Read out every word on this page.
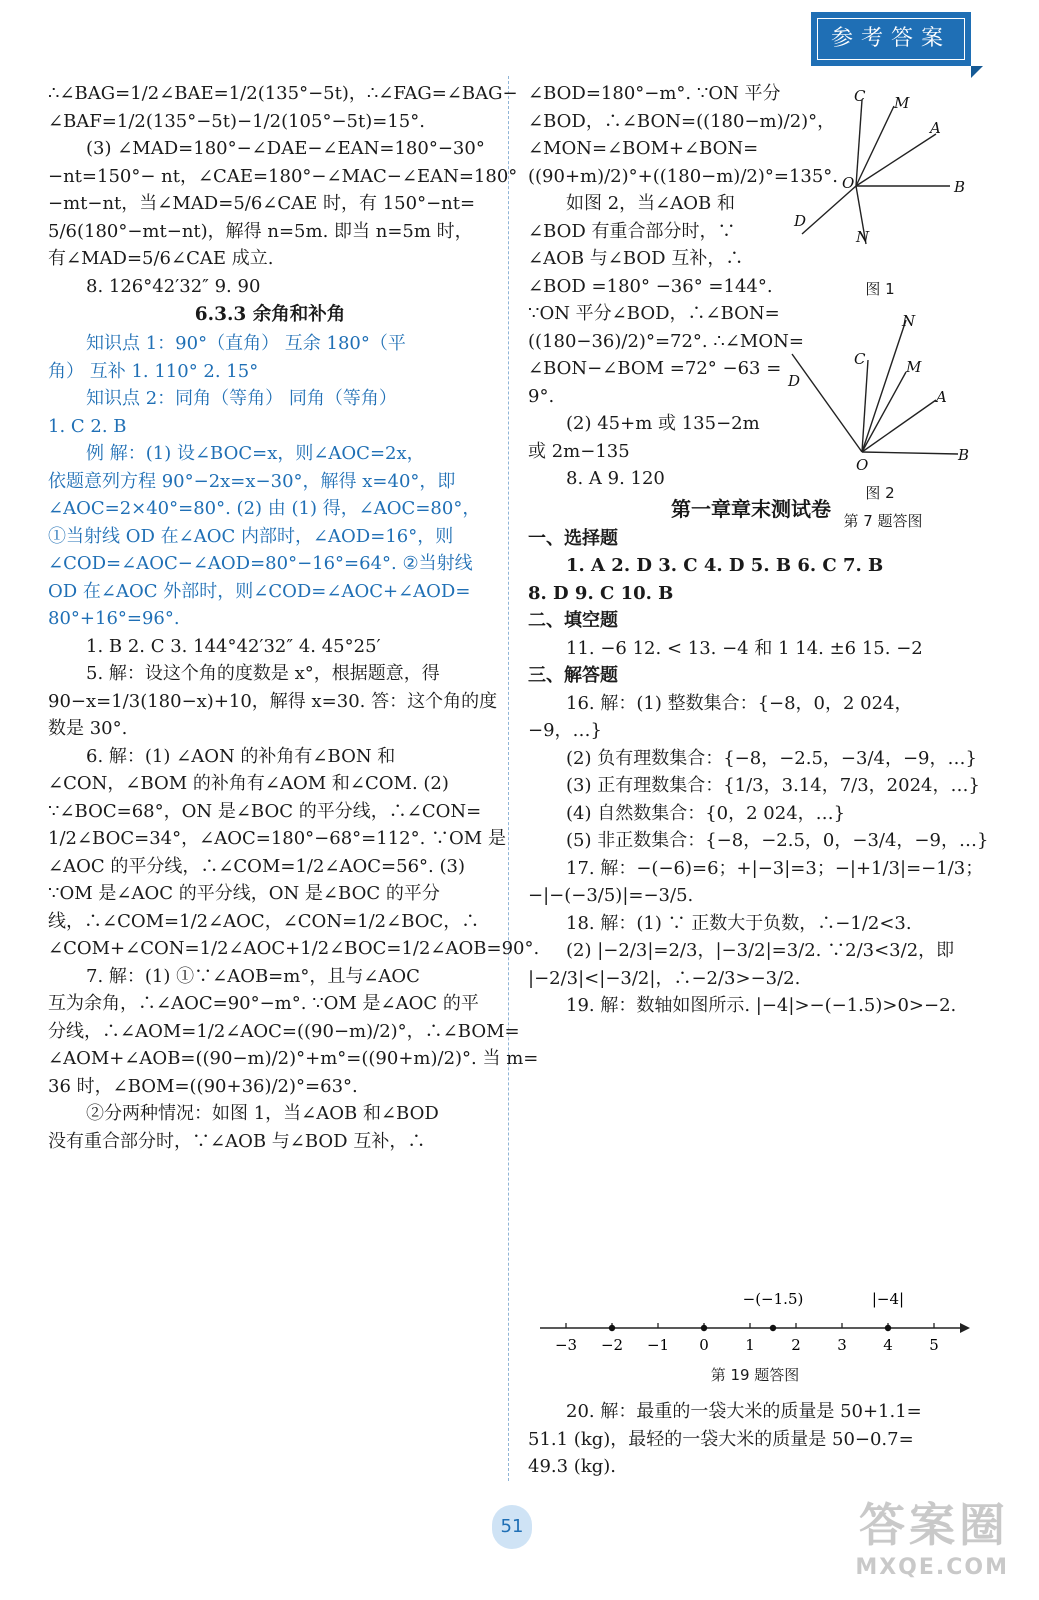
参考答案

∴∠BAG=1/2∠BAE=1/2(135°−5t)，∴∠FAG=∠BAG−

∠BAF=1/2(135°−5t)−1/2(105°−5t)=15°.

(3) ∠MAD=180°−∠DAE−∠EAN=180°−30°

−nt=150°− nt，∠CAE=180°−∠MAC−∠EAN=180°

−mt−nt，当∠MAD=5/6∠CAE 时，有 150°−nt=

5/6(180°−mt−nt)，解得 n=5m. 即当 n=5m 时，

有∠MAD=5/6∠CAE 成立.

8. 126°42′32″ 9. 90

6.3.3 余角和补角

知识点 1：90°（直角） 互余 180°（平

角） 互补 1. 110° 2. 15°

知识点 2：同角（等角） 同角（等角）

1. C 2. B

例 解：(1) 设∠BOC=x，则∠AOC=2x，

依题意列方程 90°−2x=x−30°，解得 x=40°，即

∠AOC=2×40°=80°. (2) 由 (1) 得，∠AOC=80°，

①当射线 OD 在∠AOC 内部时，∠AOD=16°，则

∠COD=∠AOC−∠AOD=80°−16°=64°. ②当射线

OD 在∠AOC 外部时，则∠COD=∠AOC+∠AOD=

80°+16°=96°.

1. B 2. C 3. 144°42′32″ 4. 45°25′

5. 解：设这个角的度数是 x°，根据题意，得

90−x=1/3(180−x)+10，解得 x=30. 答：这个角的度

数是 30°.

6. 解：(1) ∠AON 的补角有∠BON 和

∠CON，∠BOM 的补角有∠AOM 和∠COM. (2)

∵∠BOC=68°，ON 是∠BOC 的平分线，∴∠CON=

1/2∠BOC=34°，∠AOC=180°−68°=112°. ∵OM 是

∠AOC 的平分线，∴∠COM=1/2∠AOC=56°. (3)

∵OM 是∠AOC 的平分线，ON 是∠BOC 的平分

线，∴∠COM=1/2∠AOC，∠CON=1/2∠BOC，∴

∠COM+∠CON=1/2∠AOC+1/2∠BOC=1/2∠AOB=90°.

7. 解：(1) ①∵∠AOB=m°，且与∠AOC

互为余角，∴∠AOC=90°−m°. ∵OM 是∠AOC 的平

分线，∴∠AOM=1/2∠AOC=((90−m)/2)°，∴∠BOM=

∠AOM+∠AOB=((90−m)/2)°+m°=((90+m)/2)°. 当 m=

36 时，∠BOM=((90+36)/2)°=63°.

②分两种情况：如图 1，当∠AOB 和∠BOD

没有重合部分时，∵∠AOB 与∠BOD 互补，∴

∠BOD=180°−m°. ∵ON 平分

∠BOD，∴∠BON=((180−m)/2)°，

∠MON=∠BOM+∠BON=

((90+m)/2)°+((180−m)/2)°=135°.

如图 2，当∠AOB 和

∠BOD 有重合部分时，∵

∠AOB 与∠BOD 互补，∴

∠BOD =180° −36° =144°.

∵ON 平分∠BOD，∴∠BON=

((180−36)/2)°=72°. ∴∠MON=

∠BON−∠BOM =72° −63 =

9°.

(2) 45+m 或 135−2m

或 2m−135

8. A 9. 120

第一章章末测试卷

一、选择题

1. A 2. D 3. C 4. D 5. B 6. C 7. B

8. D 9. C 10. B

二、填空题

11. −6 12. < 13. −4 和 1 14. ±6 15. −2

三、解答题

16. 解：(1) 整数集合：{−8，0，2 024，

−9，…}

(2) 负有理数集合：{−8，−2.5，−3/4，−9，…}

(3) 正有理数集合：{1/3，3.14，7/3，2024，…}

(4) 自然数集合：{0，2 024，…}

(5) 非正数集合：{−8，−2.5，0，−3/4，−9，…}

17. 解：−(−6)=6；+|−3|=3；−|+1/3|=−1/3；

−|−(−3/5)|=−3/5.

18. 解：(1) ∵ 正数大于负数，∴−1/2<3.

(2) |−2/3|=2/3，|−3/2|=3/2. ∵2/3<3/2，即

|−2/3|<|−3/2|，∴−2/3>−3/2.

19. 解：数轴如图所示. |−4|>−(−1.5)>0>−2.

C M
A
B
O
D
N
图 1
N
C	M
A
D
O
B
图 2
第 7 题答图
−3 −2 −1 0 1 2 3 4 5
−(−1.5)	|−4|
第 19 题答图

20. 解：最重的一袋大米的质量是 50+1.1=

51.1 (kg)，最轻的一袋大米的质量是 50−0.7=

49.3 (kg).

51	答案圈
MXQE.COM
